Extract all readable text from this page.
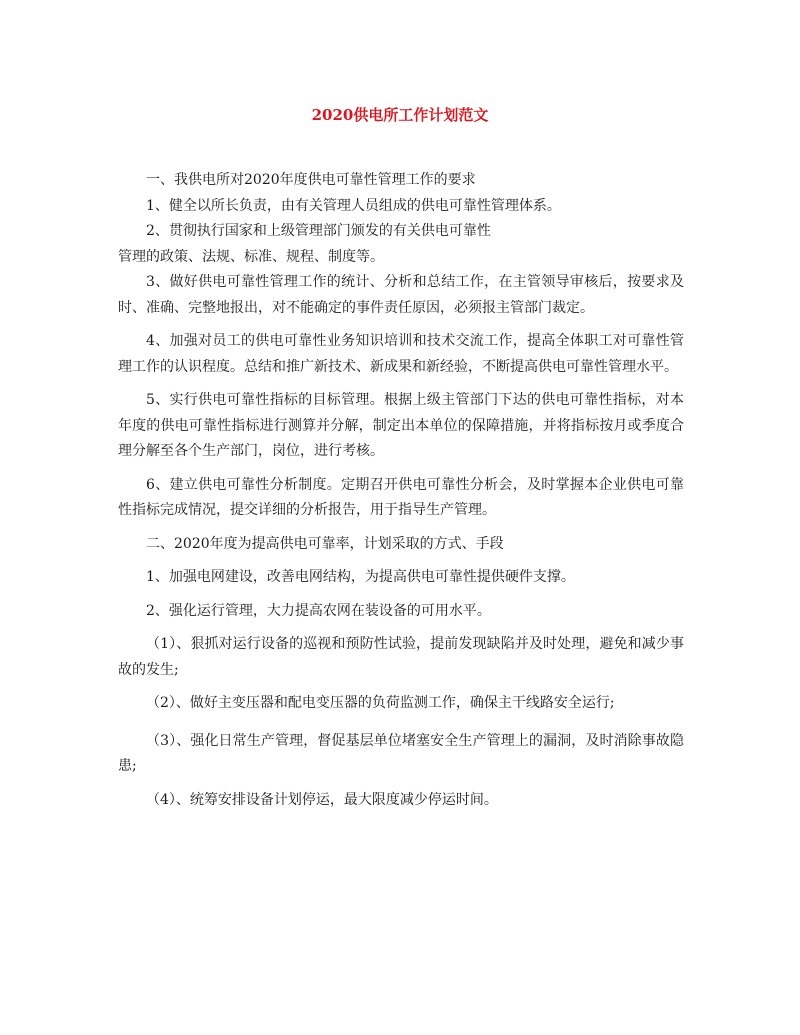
2020供电所工作计划范文

一、我供电所对2020年度供电可靠性管理工作的要求

1、健全以所长负责，由有关管理人员组成的供电可靠性管理体系。

2、贯彻执行国家和上级管理部门颁发的有关供电可靠性

管理的政策、法规、标准、规程、制度等。

3、做好供电可靠性管理工作的统计、分析和总结工作，在主管领导审核后，按要求及时、准确、完整地报出，对不能确定的事件责任原因，必须报主管部门裁定。

4、加强对员工的供电可靠性业务知识培训和技术交流工作，提高全体职工对可靠性管理工作的认识程度。总结和推广新技术、新成果和新经验，不断提高供电可靠性管理水平。

5、实行供电可靠性指标的目标管理。根据上级主管部门下达的供电可靠性指标，对本年度的供电可靠性指标进行测算并分解，制定出本单位的保障措施，并将指标按月或季度合理分解至各个生产部门，岗位，进行考核。

6、建立供电可靠性分析制度。定期召开供电可靠性分析会，及时掌握本企业供电可靠性指标完成情况，提交详细的分析报告，用于指导生产管理。

二、2020年度为提高供电可靠率，计划采取的方式、手段

1、加强电网建设，改善电网结构，为提高供电可靠性提供硬件支撑。

2、强化运行管理，大力提高农网在装设备的可用水平。

（1）、狠抓对运行设备的巡视和预防性试验，提前发现缺陷并及时处理，避免和减少事故的发生;

（2）、做好主变压器和配电变压器的负荷监测工作，确保主干线路安全运行;

（3）、强化日常生产管理，督促基层单位堵塞安全生产管理上的漏洞，及时消除事故隐患;

（4）、统筹安排设备计划停运，最大限度减少停运时间。
